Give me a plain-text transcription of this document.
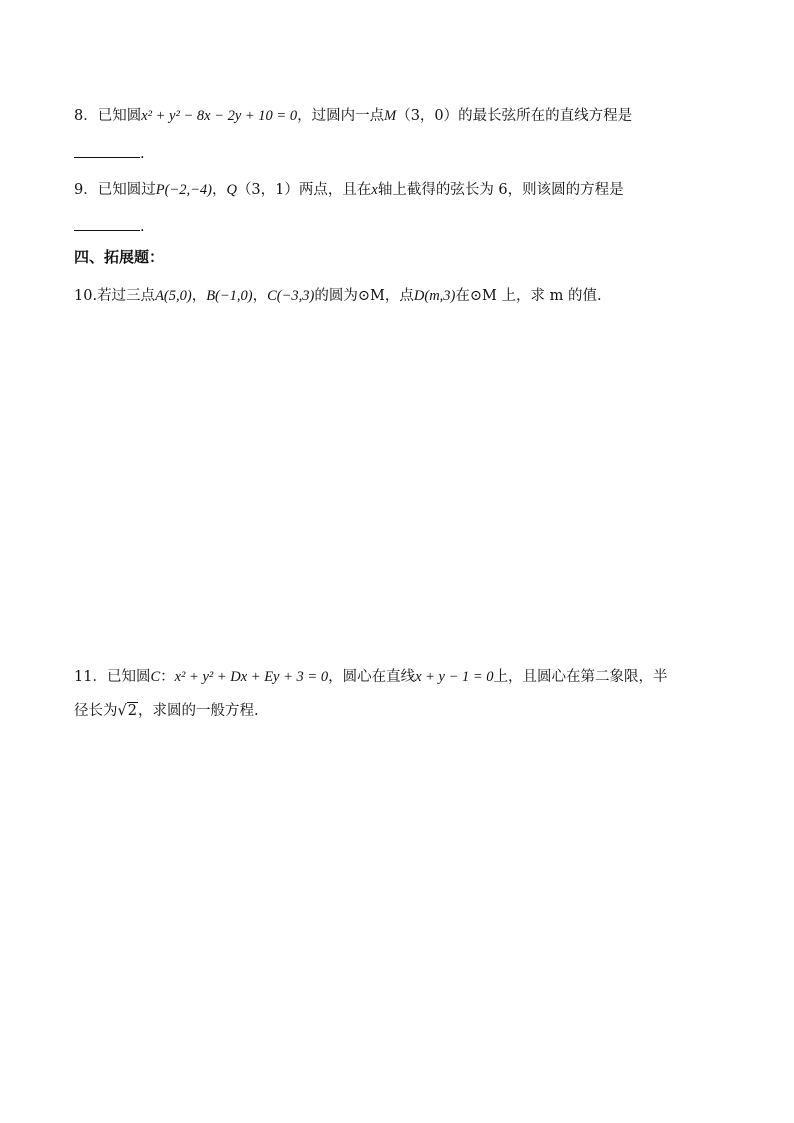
8．已知圆x² + y² − 8x − 2y + 10 = 0，过圆内一点M（3，0）的最长弦所在的直线方程是
.
9．已知圆过P(−2,−4)，Q（3，1）两点，且在x轴上截得的弦长为 6，则该圆的方程是
.
四、拓展题：
10.若过三点A(5,0)，B(−1,0)，C(−3,3)的圆为⊙M，点D(m,3)在⊙M 上，求 m 的值.
11．已知圆C：x² + y² + Dx + Ey + 3 = 0，圆心在直线x + y − 1 = 0上，且圆心在第二象限，半
径长为√2，求圆的一般方程.
